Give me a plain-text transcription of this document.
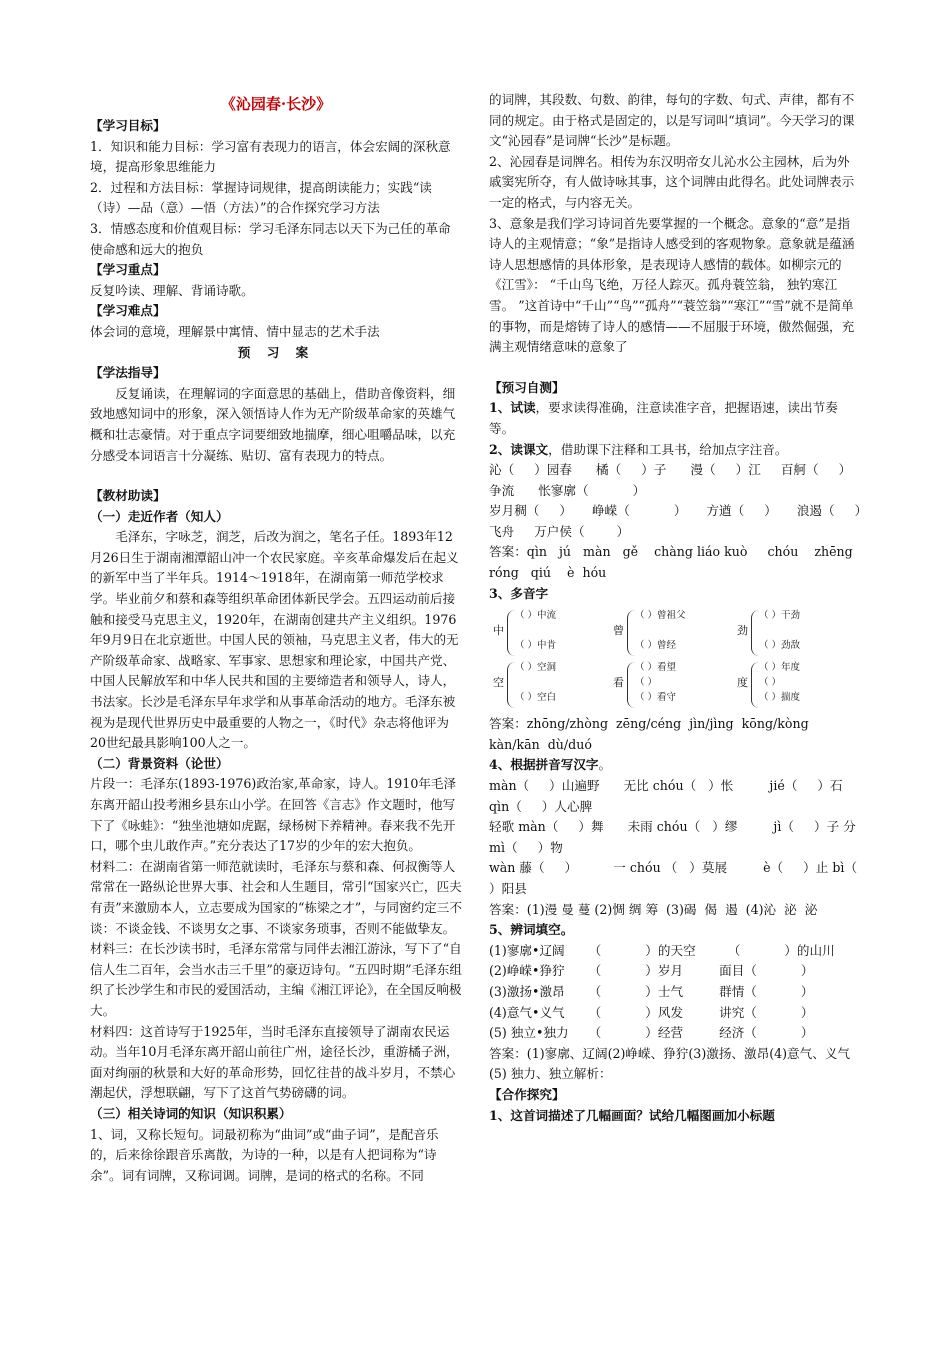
《沁园春·长沙》

【学习目标】

1．知识和能力目标：学习富有表现力的语言，体会宏阔的深秋意境，提高形象思维能力

2．过程和方法目标：掌握诗词规律，提高朗读能力；实践“读（诗）—品（意）—悟（方法）”的合作探究学习方法

3．情感态度和价值观目标：学习毛泽东同志以天下为己任的革命使命感和远大的抱负

【学习重点】

反复吟读、理解、背诵诗歌。

【学习难点】

体会词的意境，理解景中寓情、情中显志的艺术手法

预 习 案

【学法指导】

反复诵读，在理解词的字面意思的基础上，借助音像资料，细致地感知词中的形象，深入领悟诗人作为无产阶级革命家的英雄气概和壮志豪情。对于重点字词要细致地揣摩，细心咀嚼品味，以充分感受本词语言十分凝练、贴切、富有表现力的特点。

【教材助读】

（一）走近作者（知人）

毛泽东，字咏芝，润芝，后改为润之，笔名子任。1893年12月26日生于湖南湘潭韶山冲一个农民家庭。辛亥革命爆发后在起义的新军中当了半年兵。1914～1918年，在湖南第一师范学校求学。毕业前夕和蔡和森等组织革命团体新民学会。五四运动前后接触和接受马克思主义，1920年，在湖南创建共产主义组织。1976年9月9日在北京逝世。中国人民的领袖，马克思主义者，伟大的无产阶级革命家、战略家、军事家、思想家和理论家，中国共产党、中国人民解放军和中华人民共和国的主要缔造者和领导人，诗人，书法家。长沙是毛泽东早年求学和从事革命活动的地方。毛泽东被视为是现代世界历史中最重要的人物之一，《时代》杂志将他评为20世纪最具影响100人之一。

（二）背景资料（论世）

片段一：毛泽东(1893-1976)政治家,革命家，诗人。1910年毛泽东离开韶山投考湘乡县东山小学。在回答《言志》作文题时，他写下了《咏蛙》：“独坐池塘如虎踞，绿杨树下养精神。春来我不先开口，哪个虫儿敢作声。”充分表达了17岁的少年的宏大抱负。

材料二：在湖南省第一师范就读时，毛泽东与蔡和森、何叔衡等人常常在一路纵论世界大事、社会和人生题目，常引“国家兴亡，匹夫有责”来激励本人，立志要成为国家的“栋梁之才”，与同窗约定三不谈：不谈金钱、不谈男女之事、不谈家务琐事，否则不能做挚友。

材料三：在长沙读书时，毛泽东常常与同伴去湘江游泳，写下了“自信人生二百年，会当水击三千里”的豪迈诗句。“五四时期”毛泽东组织了长沙学生和市民的爱国活动，主编《湘江评论》，在全国反响极大。

材料四：这首诗写于1925年，当时毛泽东直接领导了湖南农民运动。当年10月毛泽东离开韶山前往广州，途径长沙，重游橘子洲，面对绚丽的秋景和大好的革命形势，回忆往昔的战斗岁月，不禁心潮起伏，浮想联翩，写下了这首气势磅礴的词。

（三）相关诗词的知识（知识积累）

1、词，又称长短句。词最初称为“曲词”或“曲子词”，是配音乐的，后来徐徐跟音乐离散，为诗的一种，以是有人把词称为“诗余”。词有词牌，又称词调。词牌，是词的格式的名称。不同

的词牌，其段数、句数、韵律，每句的字数、句式、声律，都有不同的规定。由于格式是固定的，以是写词叫“填词”。今天学习的课文“沁园春”是词牌“长沙”是标题。

2、沁园春是词牌名。相传为东汉明帝女儿沁水公主园林，后为外戚窦宪所夺，有人做诗咏其事，这个词牌由此得名。此处词牌表示一定的格式，与内容无关。

3、意象是我们学习诗词首先要掌握的一个概念。意象的“意”是指诗人的主观情意；“象”是指诗人感受到的客观物象。意象就是蕴涵诗人思想感情的具体形象，是表现诗人感情的载体。如柳宗元的《江雪》： “千山鸟飞绝，万径人踪灭。孤舟蓑笠翁， 独钓寒江雪。 ”这首诗中“千山”“鸟”“孤舟”“蓑笠翁”“寒江”“雪”就不是简单的事物，而是熔铸了诗人的感情——不屈服于环境，傲然倔强，充满主观情绪意味的意象了

【预习自测】

1、试读，要求读得准确，注意读准字音，把握语速，读出节奏等。

2、读课文，借助课下注释和工具书，给加点字注音。

沁（     ）园春      橘（     ）子      漫（     ）江     百舸（     ）争流      怅寥廓（           ）

岁月稠（     ）     峥嵘（           ）     方遒（     ）     浪遏（     ）飞舟     万户侯（        ）

答案：qìn   jú   màn   gě    chàng liáo kuò     chóu    zhēng róng   qiú    è  hóu

3、多音字

中
（ ）中流
（ ）中肯
曾
（ ）曾祖父
（ ）曾经
劲
（ ）干劲
（ ）劲敌
空
（ ）空洞
（ ）空白
看
（ ）看望
（ ）
（ ）看守
度
（ ）年度
（ ）
（ ）揣度

答案：zhōng/zhòng  zēng/céng  jìn/jìng  kōng/kòng   kàn/kān  dù/duó

4、根据拼音写汉字。

màn（     ）山遍野      无比 chóu（   ）怅         jié（     ）石 qìn（     ）人心脾

轻歌 màn（     ）舞      未雨 chóu（   ）缪         jì（     ）子 分 mì（     ）物

wàn 藤（     ）         一 chóu （   ）莫展         è（     ）止 bì（     ）阳县

答案：(1)漫 曼 蔓 (2)惆 绸 筹  (3)碣  偈  遏  (4)沁  泌  泌

5、辨词填空。

(1)寥廓•辽阔      （           ）的天空        （           ）的山川

(2)峥嵘•狰狞      （           ）岁月         面目（           ）

(3)激扬•激昂      （           ）士气         群情（           ）

(4)意气•义气      （           ）风发         讲究（           ）

(5) 独立•独力     （           ）经营         经济（           ）

答案：(1)寥廓、辽阔(2)峥嵘、狰狞(3)激扬、激昂(4)意气、义气 (5) 独力、独立解析：

【合作探究】

1、这首词描述了几幅画面？试给几幅图画加小标题
